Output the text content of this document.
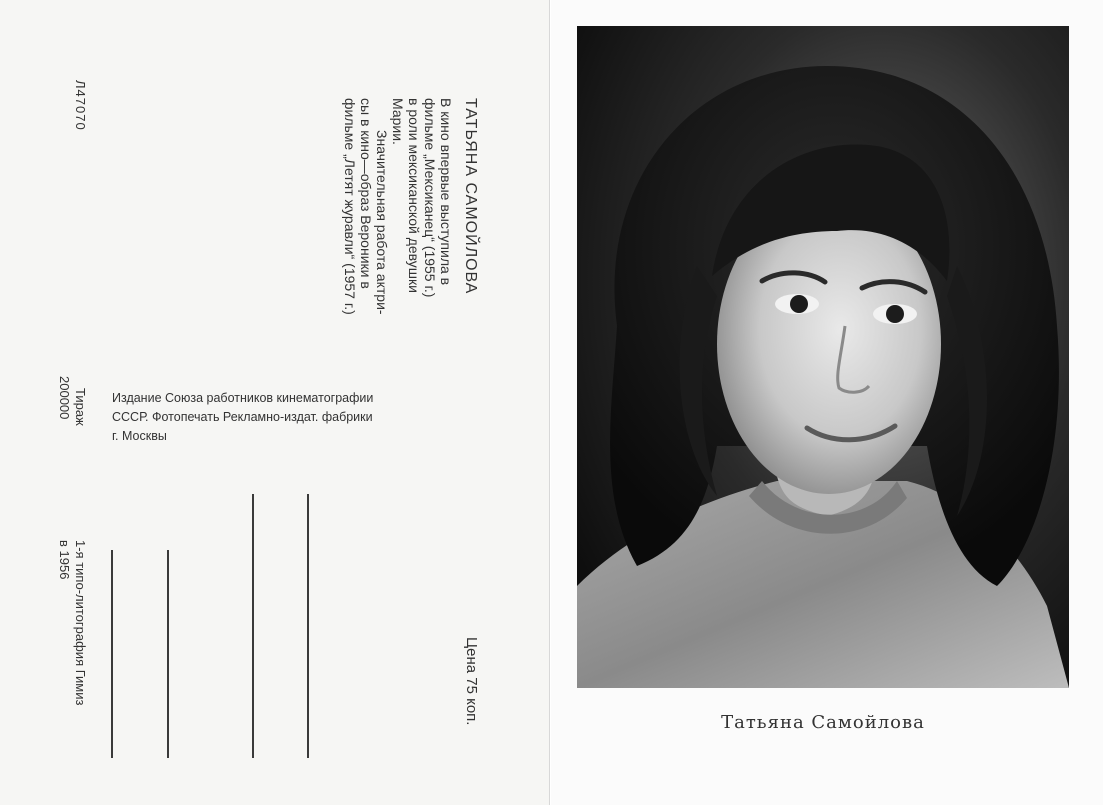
ТАТЬЯНА САМОЙЛОВА
В кино впервые выступила в
фильме „Мексиканец“ (1955 г.)
в роли мексиканской девушки
Марии.
Значительная работа актри-
сы в кино—образ Вероники в
фильме „Летят журавли“ (1957 г.)
Л47070
Тираж
200000	Издание Союза работников кинематографии
СССР. Фотопечать Рекламно-издат. фабрики
г. Москвы
1-я типо-литография Гимиз
в 1956
Цена 75 коп.	Татьяна Самойлова
